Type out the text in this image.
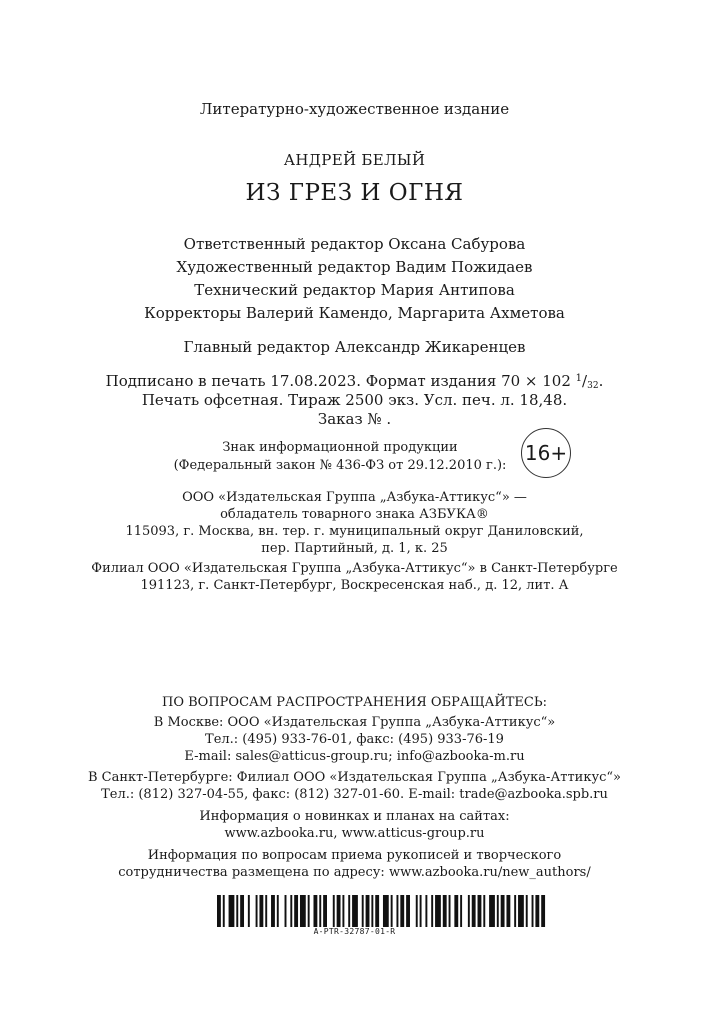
Литературно-художественное издание
АНДРЕЙ БЕЛЫЙ
ИЗ ГРЕЗ И ОГНЯ
Ответственный редактор Оксана Сабурова
Художественный редактор Вадим Пожидаев
Технический редактор Мария Антипова
Корректоры Валерий Камендо, Маргарита Ахметова
Главный редактор Александр Жикаренцев
Подписано в печать 17.08.2023. Формат издания 70 × 102 $^1/_{32}$.
Печать офсетная. Тираж 2500 экз. Усл. печ. л. 18,48.
Заказ № .
Знак информационной продукции
(Федеральный закон № 436-ФЗ от 29.12.2010 г.):
16+
ООО «Издательская Группа „Азбука-Аттикус“» —
обладатель товарного знака АЗБУКА®
115093, г. Москва, вн. тер. г. муниципальный округ Даниловский,
пер. Партийный, д. 1, к. 25
Филиал ООО «Издательская Группа „Азбука-Аттикус“» в Санкт-Петербурге
191123, г. Санкт-Петербург, Воскресенская наб., д. 12, лит. А
ПО ВОПРОСАМ РАСПРОСТРАНЕНИЯ ОБРАЩАЙТЕСЬ:
В Москве: ООО «Издательская Группа „Азбука-Аттикус“»
Тел.: (495) 933-76-01, факс: (495) 933-76-19
E-mail: sales@atticus-group.ru; info@azbooka-m.ru
В Санкт-Петербурге: Филиал ООО «Издательская Группа „Азбука-Аттикус“»
Тел.: (812) 327-04-55, факс: (812) 327-01-60. E-mail: trade@azbooka.spb.ru
Информация о новинках и планах на сайтах:
www.azbooka.ru, www.atticus-group.ru
Информация по вопросам приема рукописей и творческого
сотрудничества размещена по адресу: www.azbooka.ru/new_authors/
A-PTR-32787-01-R
